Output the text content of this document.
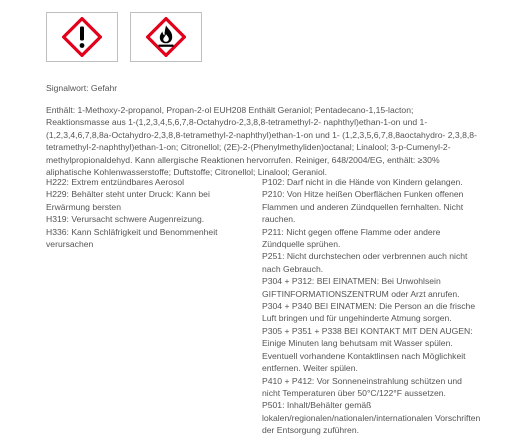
Signalwort: Gefahr
Enthält: 1-Methoxy-2-propanol, Propan-2-ol EUH208 Enthält Geraniol; Pentadecano-1,15-lacton; Reaktionsmasse aus 1-(1,2,3,4,5,6,7,8-Octahydro-2,3,8,8-tetramethyl-2- naphthyl)ethan-1-on und 1-(1,2,3,4,6,7,8,8a-Octahydro-2,3,8,8-tetramethyl-2-naphthyl)ethan-1-on und 1- (1,2,3,5,6,7,8,8aoctahydro- 2,3,8,8-tetramethyl-2-naphthyl)ethan-1-on; Citronellol; (2E)-2-(Phenylmethyliden)octanal; Linalool; 3-p-Cumenyl-2- methylpropionaldehyd. Kann allergische Reaktionen hervorrufen. Reiniger, 648/2004/EG, enthält: ≥30% aliphatische Kohlenwasserstoffe; Duftstoffe; Citronellol; Linalool; Geraniol.
H222: Extrem entzündbares Aerosol
H229: Behälter steht unter Druck: Kann bei Erwärmung bersten
H319: Verursacht schwere Augenreizung.
H336: Kann Schläfrigkeit und Benommenheit verursachen
P102: Darf nicht in die Hände von Kindern gelangen.
P210: Von Hitze heißen Oberflächen Funken offenen Flammen und anderen Zündquellen fernhalten. Nicht rauchen.
P211: Nicht gegen offene Flamme oder andere Zündquelle sprühen.
P251: Nicht durchstechen oder verbrennen auch nicht nach Gebrauch.
P304 + P312: BEI EINATMEN: Bei Unwohlsein GIFTINFORMATIONSZENTRUM oder Arzt anrufen.
P304 + P340 BEI EINATMEN: Die Person an die frische Luft bringen und für ungehinderte Atmung sorgen.
P305 + P351 + P338 BEI KONTAKT MIT DEN AUGEN: Einige Minuten lang behutsam mit Wasser spülen. Eventuell vorhandene Kontaktlinsen nach Möglichkeit entfernen. Weiter spülen.
P410 + P412: Vor Sonneneinstrahlung schützen und nicht Temperaturen über 50°C/122°F aussetzen.
P501: Inhalt/Behälter gemäß lokalen/regionalen/nationalen/internationalen Vorschriften der Entsorgung zuführen.
